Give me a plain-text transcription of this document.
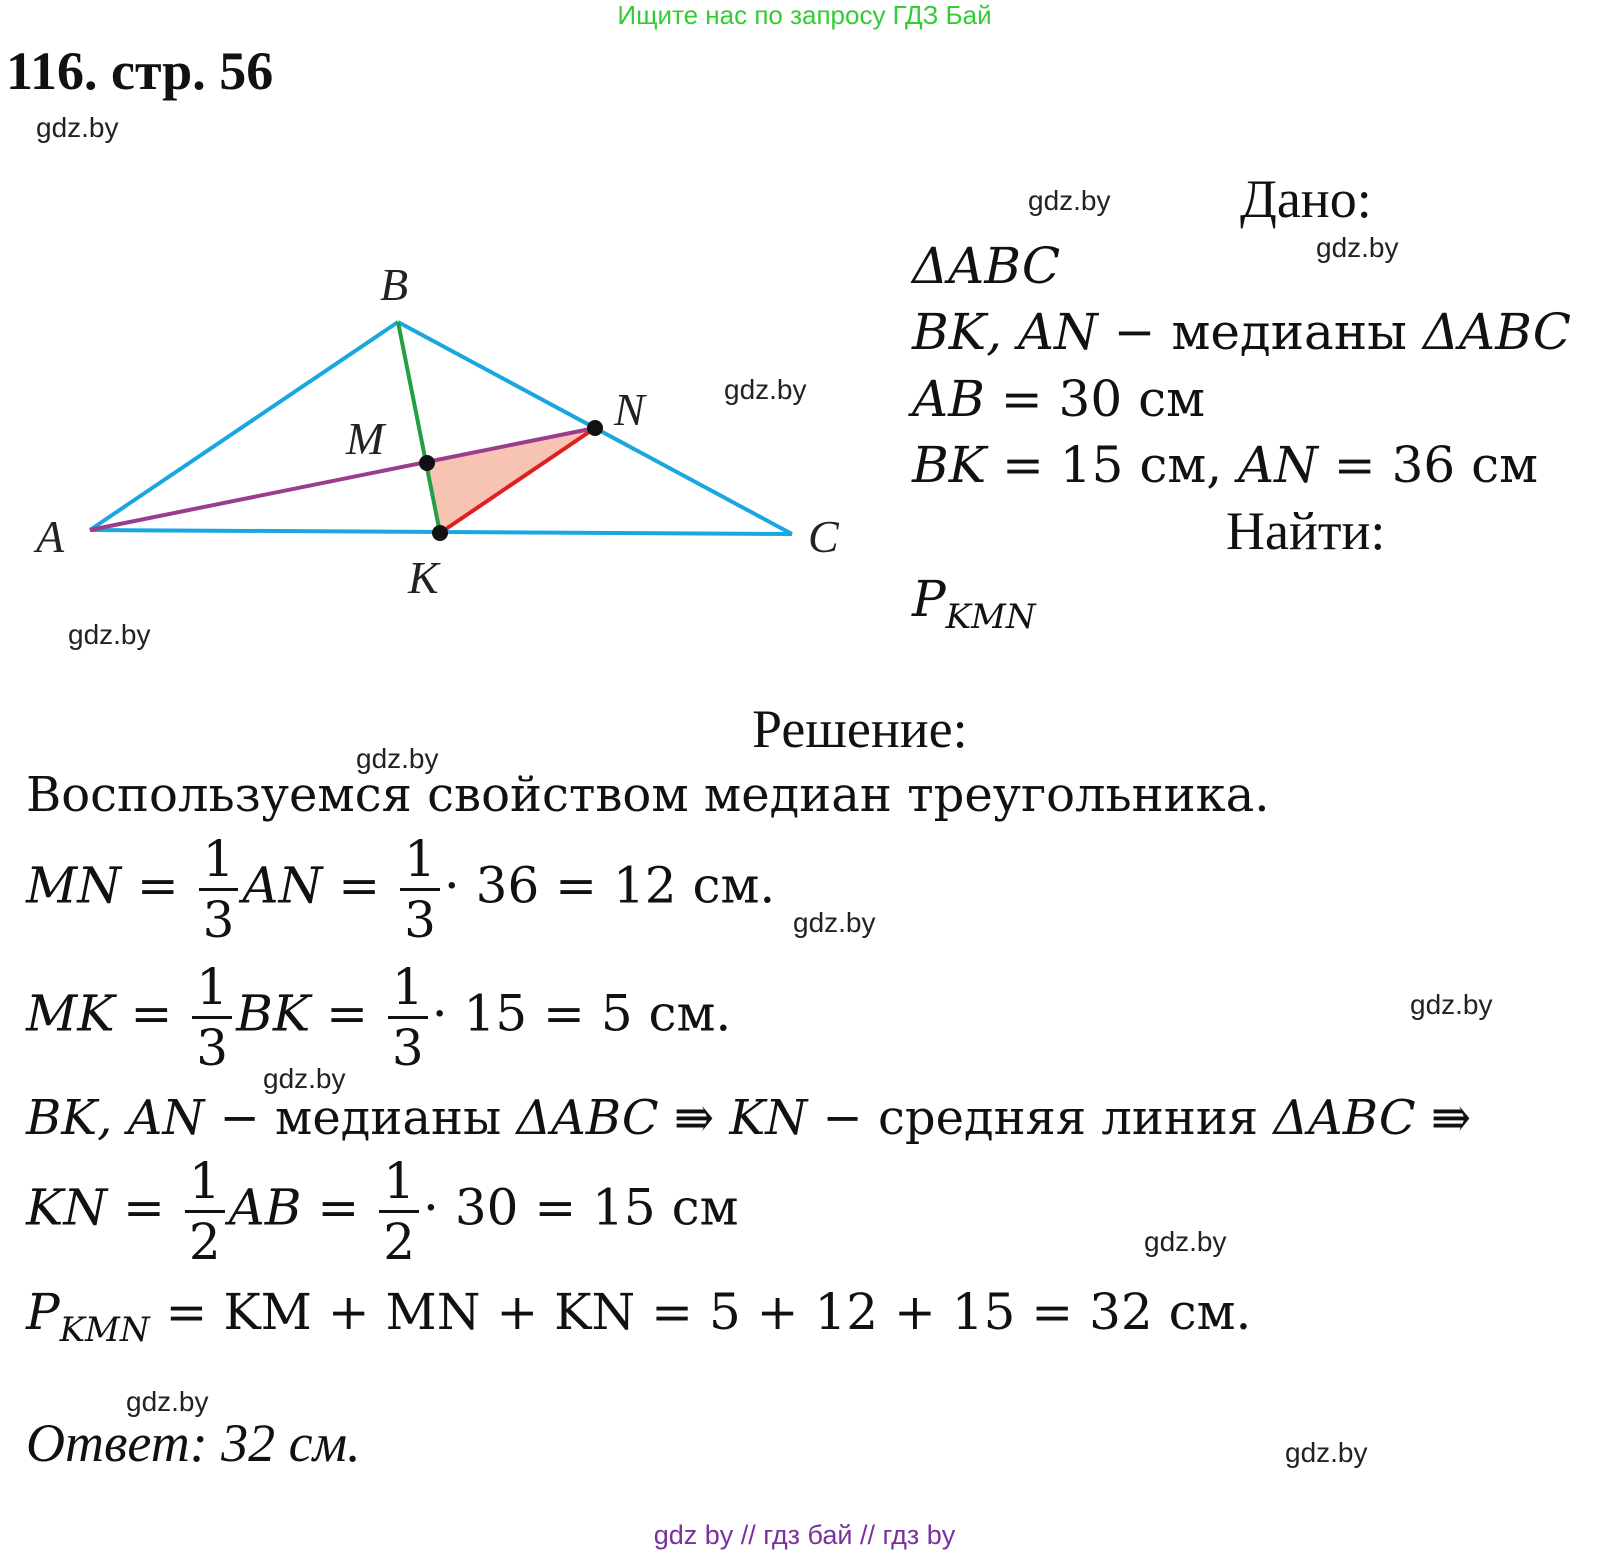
Ищите нас по запросу ГДЗ Бай
116. стр. 56
gdz.by
gdz.by
gdz.by
gdz.by
gdz.by
gdz.by
gdz.by
gdz.by
gdz.by
gdz.by
gdz.by
gdz.by
A
B
C
K
M
N
Дано:
ΔABC
BK, AN − медианы ΔABC
AB = 30 см
BK = 15 см, AN = 36 см
Найти:
$P_{KMN}$
Решение:
Воспользуемся свойством медиан треугольника.
MN = $\frac{1}{3}$ AN = $\frac{1}{3} \cdot 36 = 12$ см.
MK = $\frac{1}{3}$ BK = $\frac{1}{3} \cdot 15 = 5$ см.
BK, AN − медианы ΔABC ⇛ KN − средняя линия ΔABC ⇛
KN = $\frac{1}{2}$ AB = $\frac{1}{2} \cdot 30 = 15$ см
$P_{KMN}$ = KM + MN + KN = 5 + 12 + 15 = 32 см.
Ответ: 32 см.
gdz by // гдз бай // гдз by
